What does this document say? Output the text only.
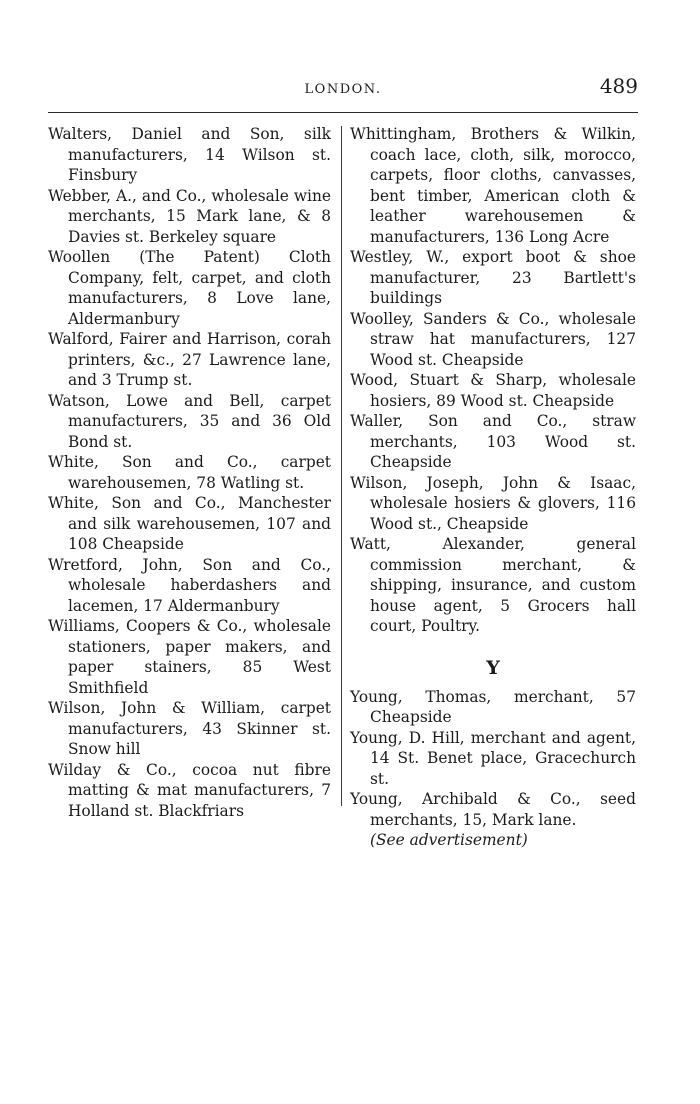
LONDON.	489

Walters, Daniel and Son, silk manufacturers, 14 Wilson st. Finsbury

Webber, A., and Co., wholesale wine merchants, 15 Mark lane, & 8 Davies st. Berkeley square

Woollen (The Patent) Cloth Company, felt, carpet, and cloth manufacturers, 8 Love lane, Aldermanbury

Walford, Fairer and Harrison, corah printers, &c., 27 Lawrence lane, and 3 Trump st.

Watson, Lowe and Bell, carpet manufacturers, 35 and 36 Old Bond st.

White, Son and Co., carpet warehousemen, 78 Watling st.

White, Son and Co., Manchester and silk warehousemen, 107 and 108 Cheapside

Wretford, John, Son and Co., wholesale haberdashers and lacemen, 17 Aldermanbury

Williams, Coopers & Co., wholesale stationers, paper makers, and paper stainers, 85 West Smithfield

Wilson, John & William, carpet manufacturers, 43 Skinner st. Snow hill

Wilday & Co., cocoa nut fibre matting & mat manufacturers, 7 Holland st. Blackfriars

Whittingham, Brothers & Wilkin, coach lace, cloth, silk, morocco, carpets, floor cloths, canvasses, bent timber, American cloth & leather warehousemen & manufacturers, 136 Long Acre

Westley, W., export boot & shoe manufacturer, 23 Bartlett's buildings

Woolley, Sanders & Co., wholesale straw hat manufacturers, 127 Wood st. Cheapside

Wood, Stuart & Sharp, wholesale hosiers, 89 Wood st. Cheapside

Waller, Son and Co., straw merchants, 103 Wood st. Cheapside

Wilson, Joseph, John & Isaac, wholesale hosiers & glovers, 116 Wood st., Cheapside

Watt, Alexander, general commission merchant, & shipping, insurance, and custom house agent, 5 Grocers hall court, Poultry.

Y

Young, Thomas, merchant, 57 Cheapside

Young, D. Hill, merchant and agent, 14 St. Benet place, Gracechurch st.

Young, Archibald & Co., seed merchants, 15, Mark lane.

(See advertisement)
